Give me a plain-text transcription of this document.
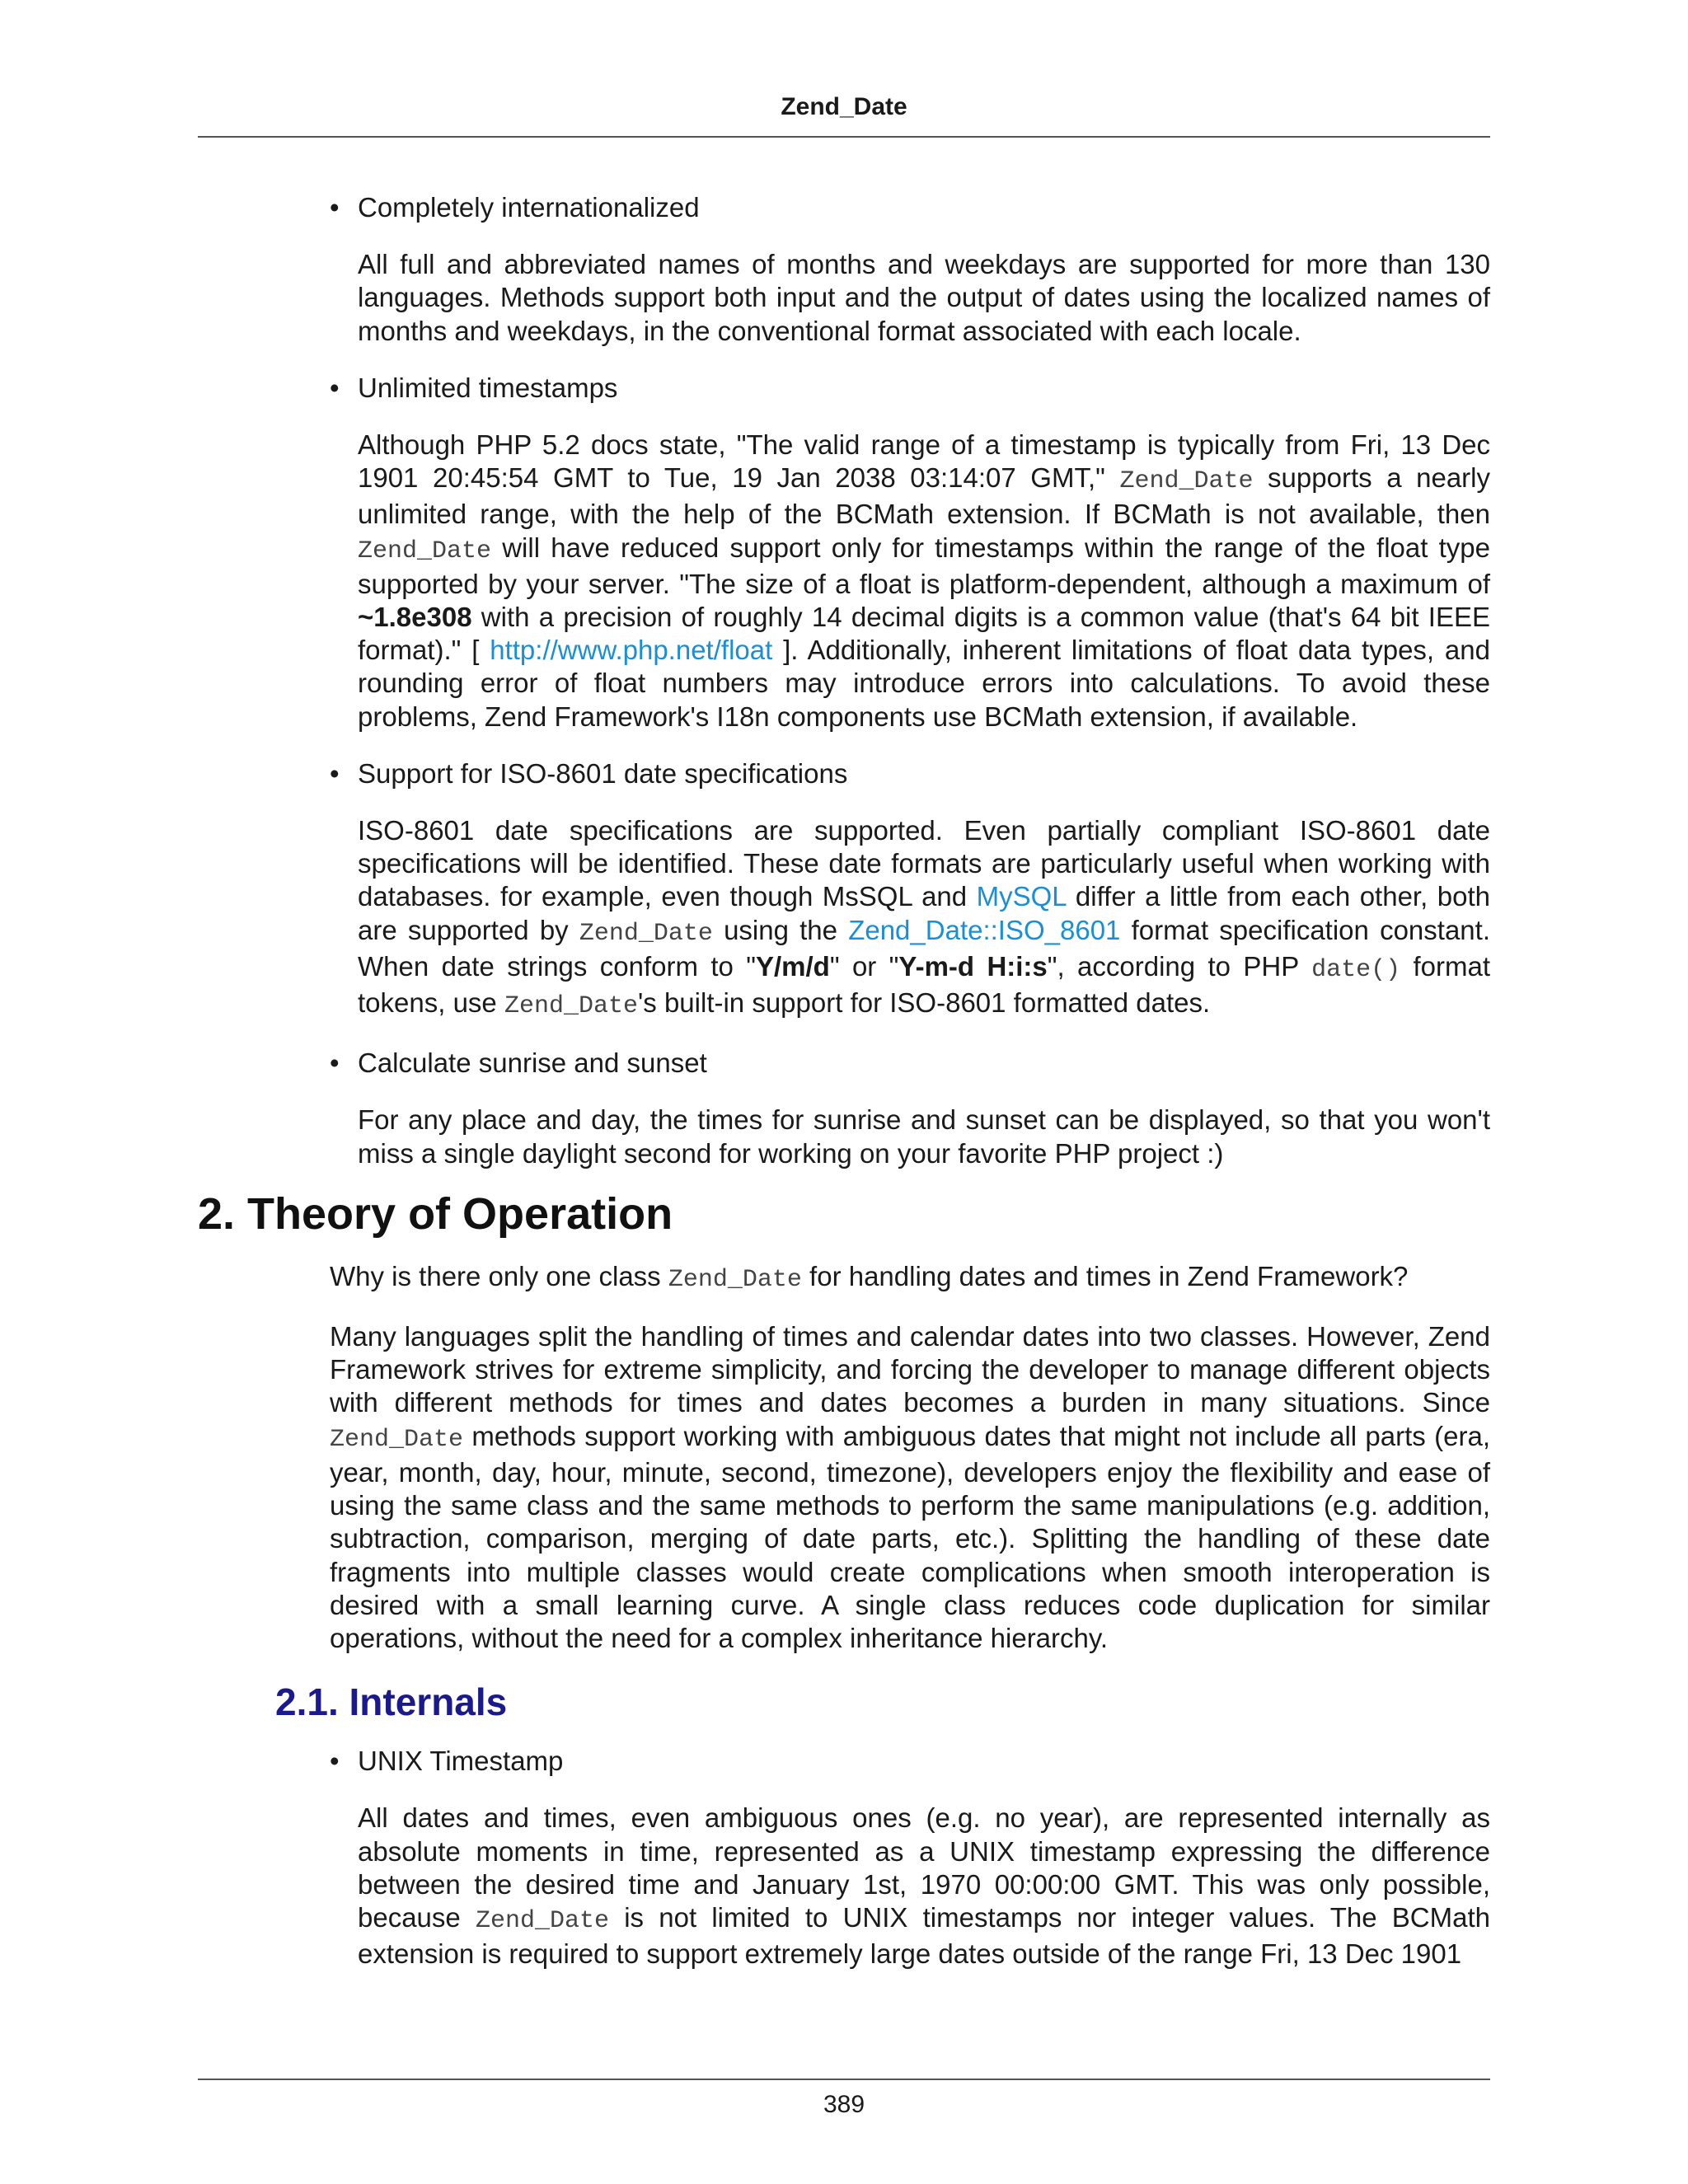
Zend_Date

• Completely internationalized

All full and abbreviated names of months and weekdays are supported for more than 130 languages. Methods support both input and the output of dates using the localized names of months and weekdays, in the conventional format associated with each locale.

• Unlimited timestamps

Although PHP 5.2 docs state, "The valid range of a timestamp is typically from Fri, 13 Dec 1901 20:45:54 GMT to Tue, 19 Jan 2038 03:14:07 GMT," Zend_Date supports a nearly unlimited range, with the help of the BCMath extension. If BCMath is not available, then Zend_Date will have reduced support only for timestamps within the range of the float type supported by your server. "The size of a float is platform-dependent, although a maximum of ~1.8e308 with a precision of roughly 14 decimal digits is a common value (that's 64 bit IEEE format)." [ http://www.php.net/float ]. Additionally, inherent limitations of float data types, and rounding error of float numbers may introduce errors into calculations. To avoid these problems, Zend Framework's I18n components use BCMath extension, if available.

• Support for ISO-8601 date specifications

ISO-8601 date specifications are supported. Even partially compliant ISO-8601 date specifications will be identified. These date formats are particularly useful when working with databases. for example, even though MsSQL and MySQL differ a little from each other, both are supported by Zend_Date using the Zend_Date::ISO_8601 format specification constant. When date strings conform to "Y/m/d" or "Y-m-d H:i:s", according to PHP date() format tokens, use Zend_Date's built-in support for ISO-8601 formatted dates.

• Calculate sunrise and sunset

For any place and day, the times for sunrise and sunset can be displayed, so that you won't miss a single daylight second for working on your favorite PHP project :)

2. Theory of Operation

Why is there only one class Zend_Date for handling dates and times in Zend Framework?

Many languages split the handling of times and calendar dates into two classes. However, Zend Framework strives for extreme simplicity, and forcing the developer to manage different objects with different methods for times and dates becomes a burden in many situations. Since Zend_Date methods support working with ambiguous dates that might not include all parts (era, year, month, day, hour, minute, second, timezone), developers enjoy the flexibility and ease of using the same class and the same methods to perform the same manipulations (e.g. addition, subtraction, comparison, merging of date parts, etc.). Splitting the handling of these date fragments into multiple classes would create complications when smooth interoperation is desired with a small learning curve. A single class reduces code duplication for similar operations, without the need for a complex inheritance hierarchy.

2.1. Internals

• UNIX Timestamp

All dates and times, even ambiguous ones (e.g. no year), are represented internally as absolute moments in time, represented as a UNIX timestamp expressing the difference between the desired time and January 1st, 1970 00:00:00 GMT. This was only possible, because Zend_Date is not limited to UNIX timestamps nor integer values. The BCMath extension is required to support extremely large dates outside of the range Fri, 13 Dec 1901

389
